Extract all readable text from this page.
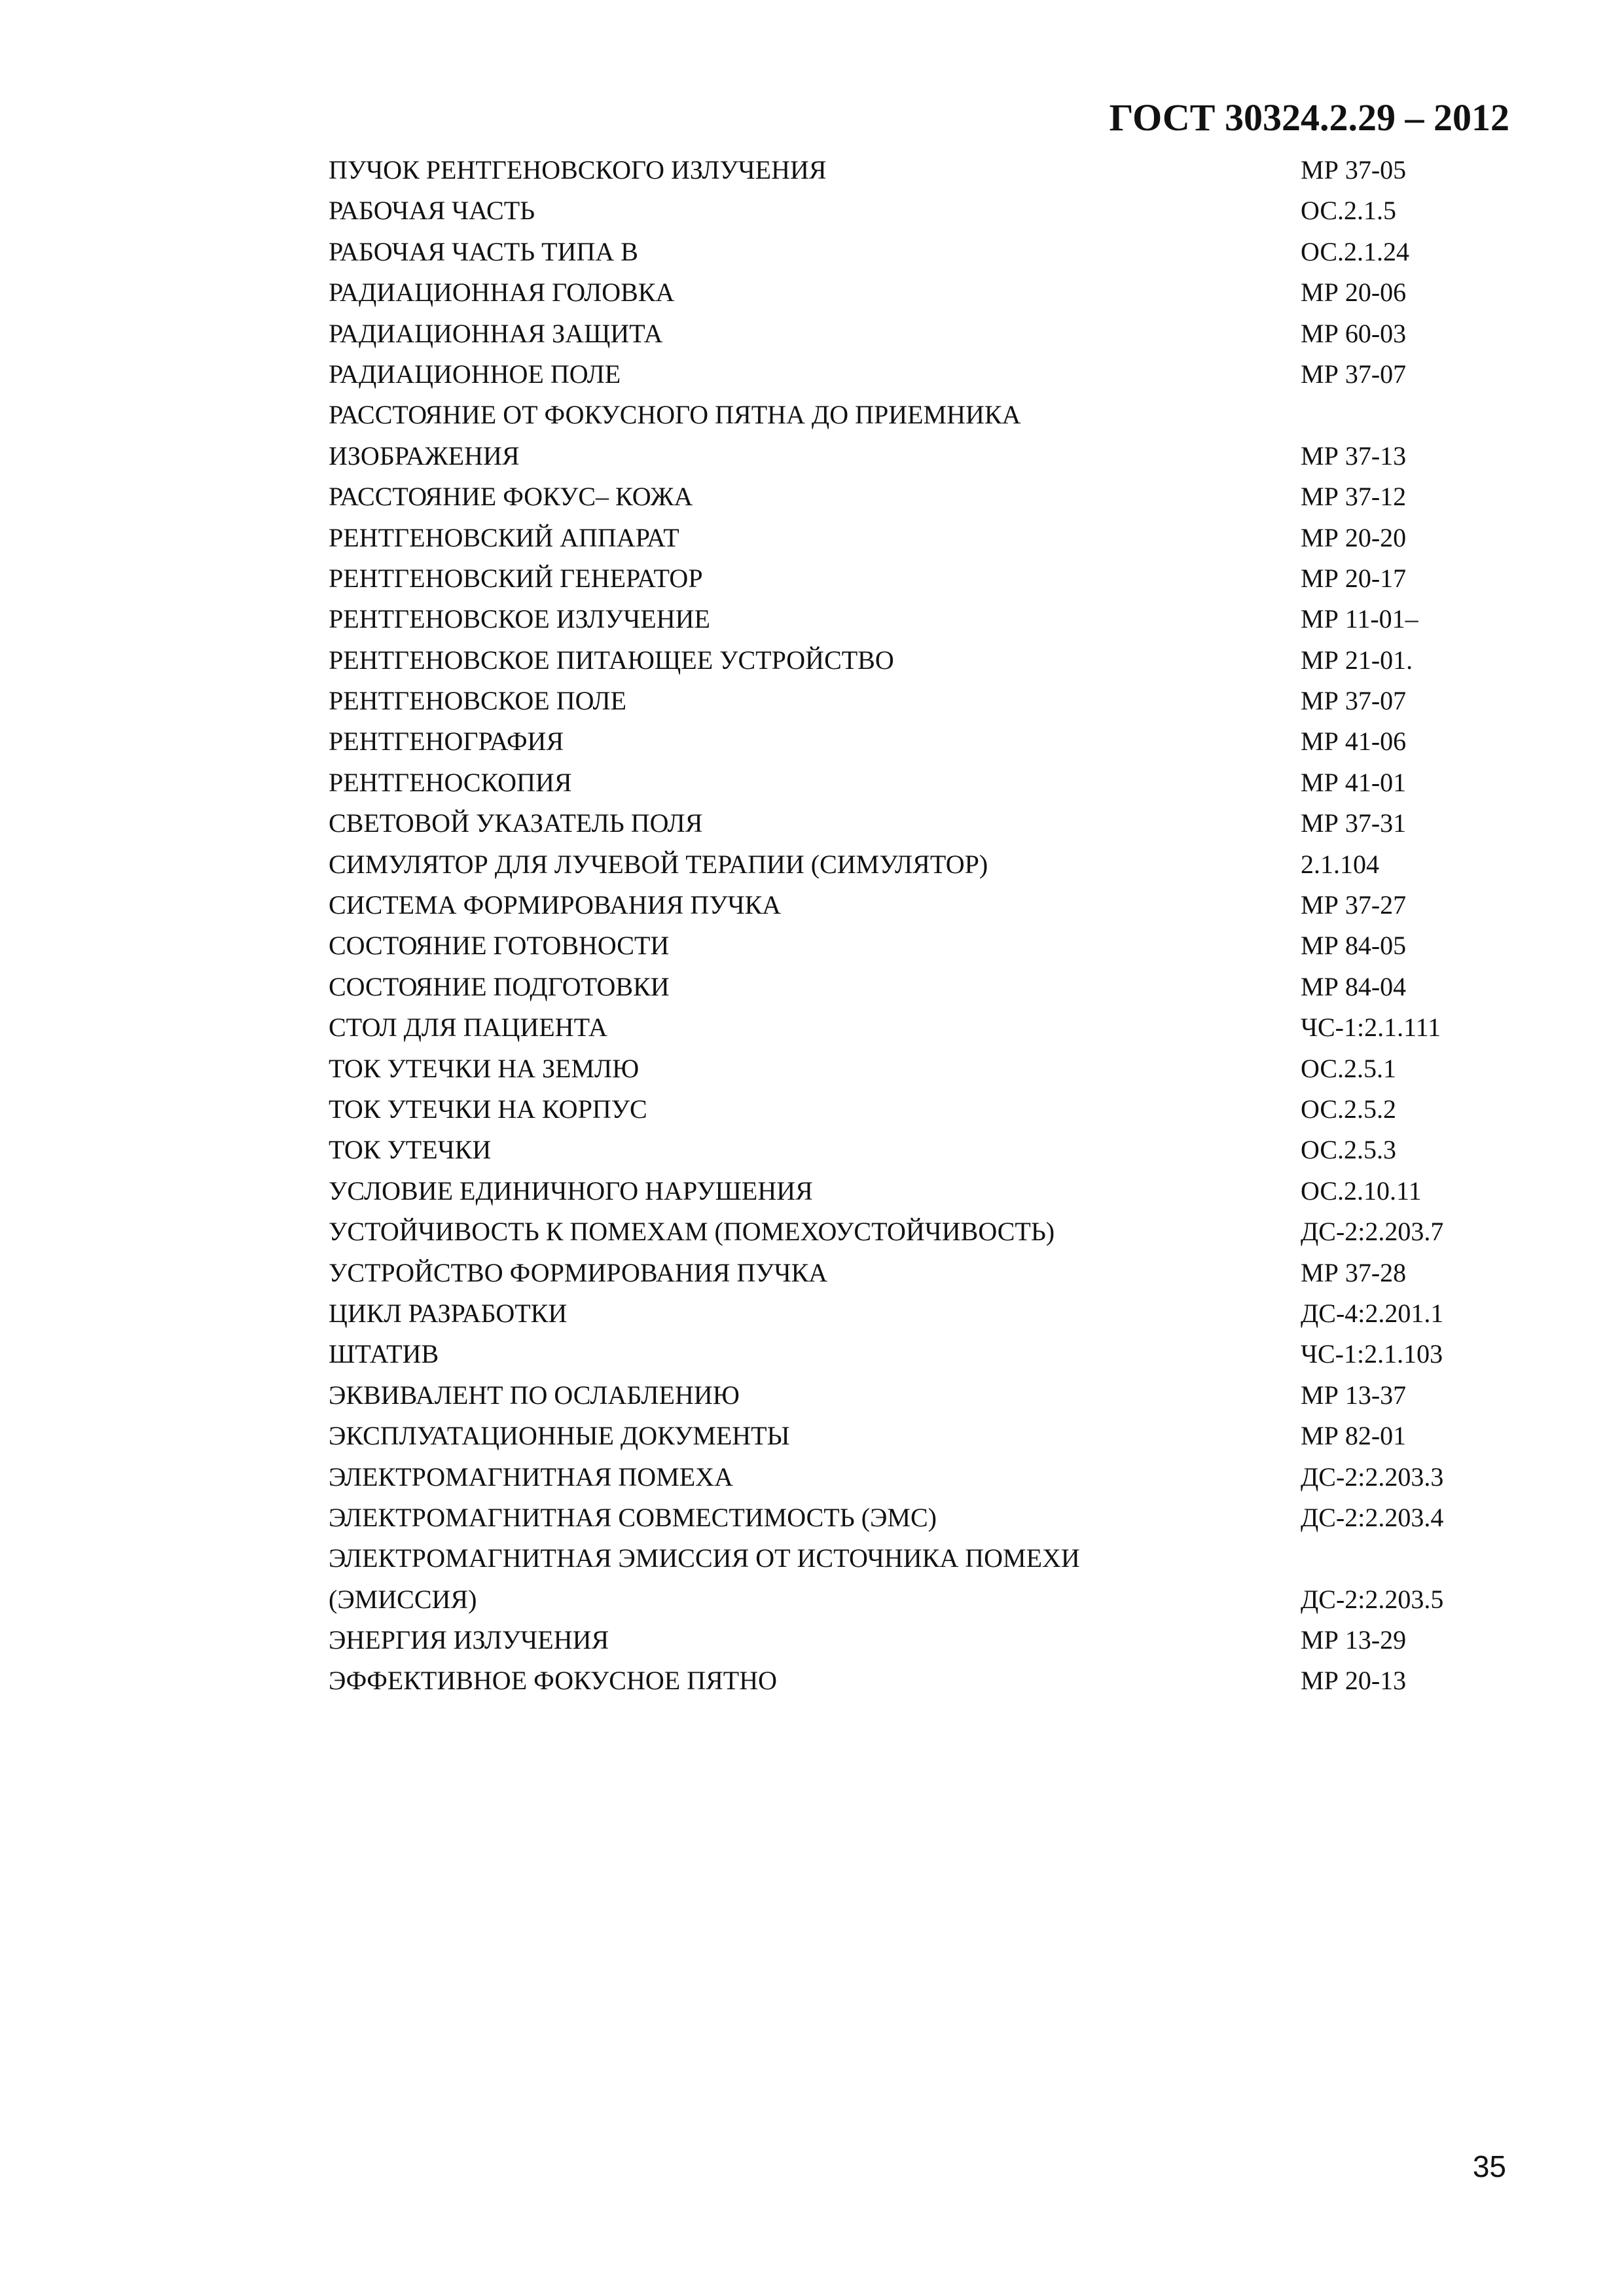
ГОСТ 30324.2.29 – 2012
ПУЧОК РЕНТГЕНОВСКОГО ИЗЛУЧЕНИЯ	МР 37-05
РАБОЧАЯ ЧАСТЬ	ОС.2.1.5
РАБОЧАЯ ЧАСТЬ ТИПА В	ОС.2.1.24
РАДИАЦИОННАЯ ГОЛОВКА	МР 20-06
РАДИАЦИОННАЯ ЗАЩИТА	МР 60-03
РАДИАЦИОННОЕ ПОЛЕ	МР 37-07
РАССТОЯНИЕ ОТ ФОКУСНОГО ПЯТНА ДО ПРИЕМНИКА
ИЗОБРАЖЕНИЯ	МР 37-13
РАССТОЯНИЕ ФОКУС– КОЖА	МР 37-12
РЕНТГЕНОВСКИЙ АППАРАТ	МР 20-20
РЕНТГЕНОВСКИЙ ГЕНЕРАТОР	МР 20-17
РЕНТГЕНОВСКОЕ ИЗЛУЧЕНИЕ	МР 11-01–
РЕНТГЕНОВСКОЕ ПИТАЮЩЕЕ УСТРОЙСТВО	МР 21-01.
РЕНТГЕНОВСКОЕ ПОЛЕ	МР 37-07
РЕНТГЕНОГРАФИЯ	МР 41-06
РЕНТГЕНОСКОПИЯ	МР 41-01
СВЕТОВОЙ УКАЗАТЕЛЬ ПОЛЯ	МР 37-31
СИМУЛЯТОР ДЛЯ ЛУЧЕВОЙ ТЕРАПИИ (СИМУЛЯТОР)	2.1.104
СИСТЕМА ФОРМИРОВАНИЯ ПУЧКА	МР 37-27
СОСТОЯНИЕ ГОТОВНОСТИ	МР 84-05
СОСТОЯНИЕ ПОДГОТОВКИ	МР 84-04
СТОЛ ДЛЯ ПАЦИЕНТА	ЧС-1:2.1.111
ТОК УТЕЧКИ НА ЗЕМЛЮ	ОС.2.5.1
ТОК УТЕЧКИ НА КОРПУС	ОС.2.5.2
ТОК УТЕЧКИ	ОС.2.5.3
УСЛОВИЕ ЕДИНИЧНОГО НАРУШЕНИЯ	ОС.2.10.11
УСТОЙЧИВОСТЬ К ПОМЕХАМ (ПОМЕХОУСТОЙЧИВОСТЬ)	ДС-2:2.203.7
УСТРОЙСТВО ФОРМИРОВАНИЯ ПУЧКА	МР 37-28
ЦИКЛ РАЗРАБОТКИ	ДС-4:2.201.1
ШТАТИВ	ЧС-1:2.1.103
ЭКВИВАЛЕНТ ПО ОСЛАБЛЕНИЮ	МР 13-37
ЭКСПЛУАТАЦИОННЫЕ ДОКУМЕНТЫ	МР 82-01
ЭЛЕКТРОМАГНИТНАЯ ПОМЕХА	ДС-2:2.203.3
ЭЛЕКТРОМАГНИТНАЯ СОВМЕСТИМОСТЬ (ЭМС)	ДС-2:2.203.4
ЭЛЕКТРОМАГНИТНАЯ ЭМИССИЯ ОТ ИСТОЧНИКА ПОМЕХИ
(ЭМИССИЯ)	ДС-2:2.203.5
ЭНЕРГИЯ ИЗЛУЧЕНИЯ	МР 13-29
ЭФФЕКТИВНОЕ ФОКУСНОЕ ПЯТНО	МР 20-13
35
